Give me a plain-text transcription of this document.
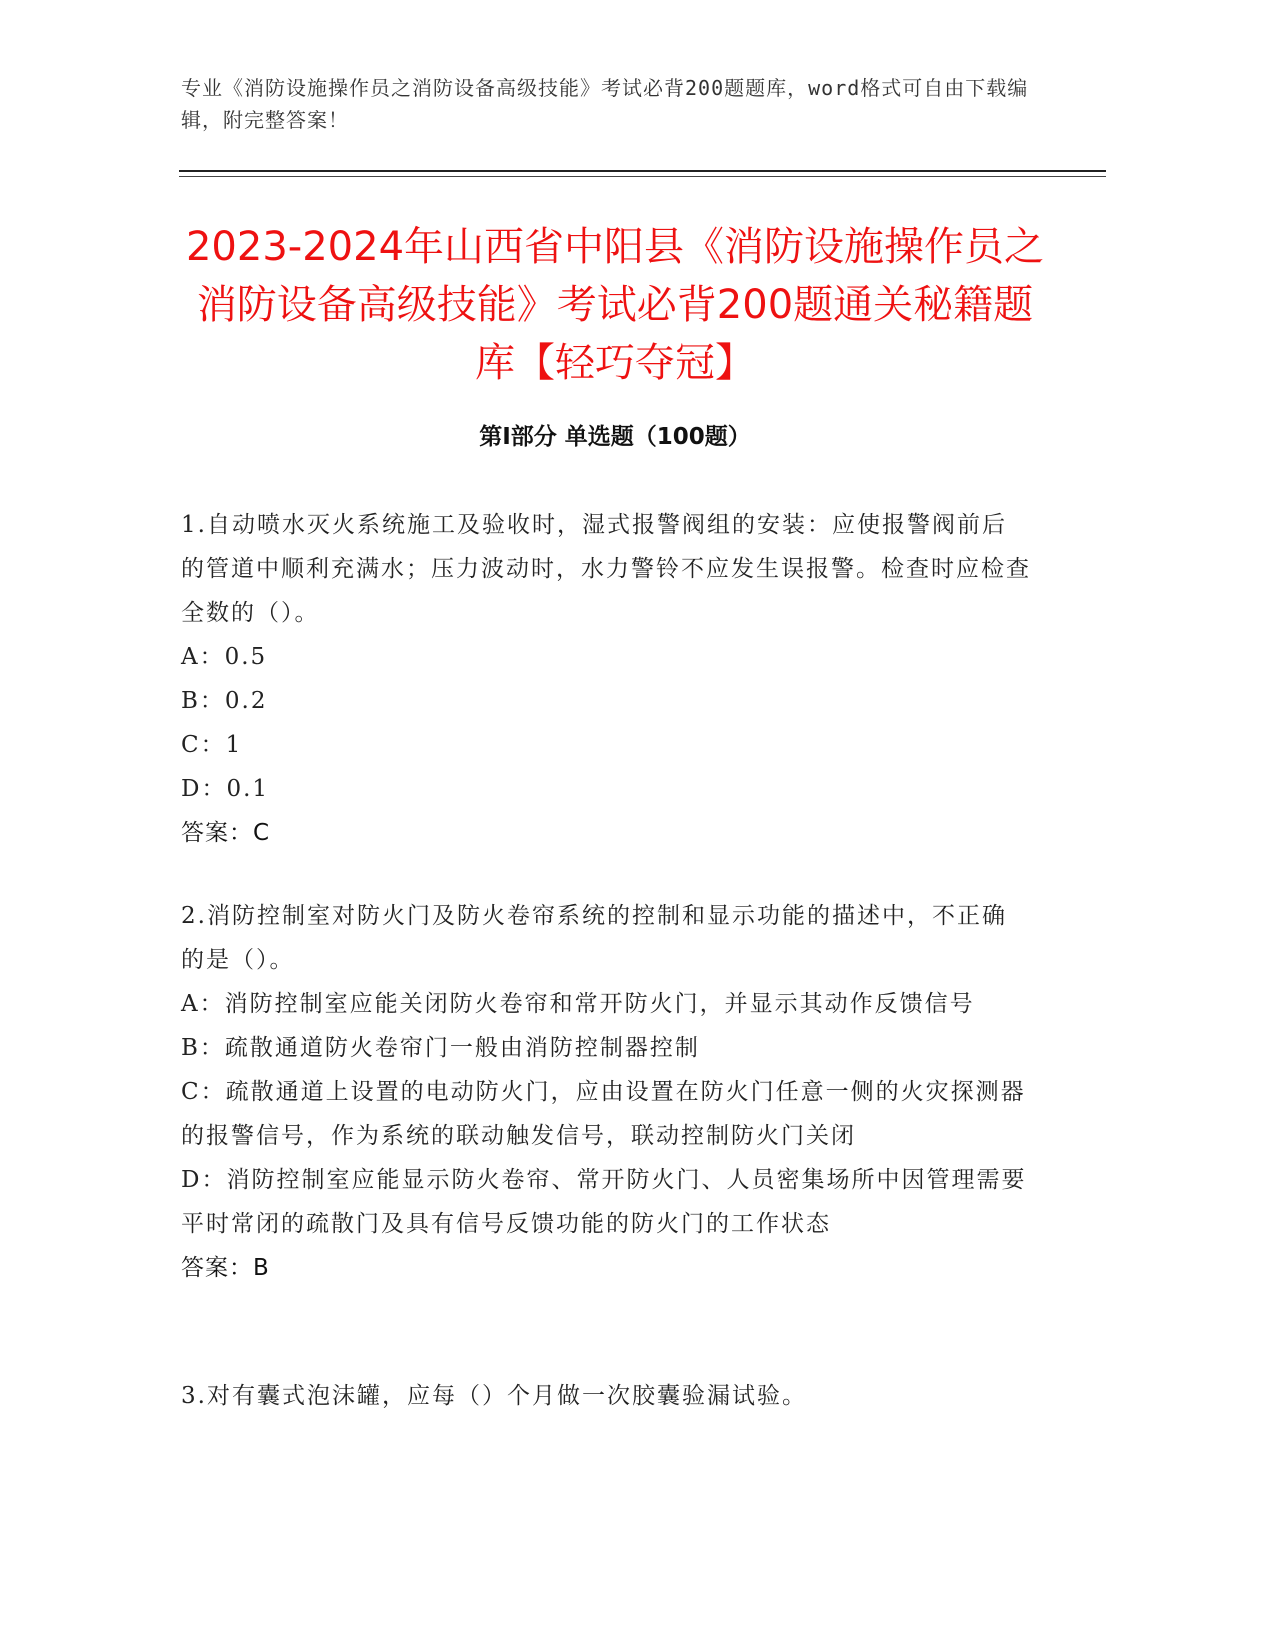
专业《消防设施操作员之消防设备高级技能》考试必背200题题库，word格式可自由下载编辑，附完整答案！
2023-2024年山西省中阳县《消防设施操作员之消防设备高级技能》考试必背200题通关秘籍题库【轻巧夺冠】
第Ⅰ部分 单选题（100题）

1.自动喷水灭火系统施工及验收时，湿式报警阀组的安装：应使报警阀前后的管道中顺利充满水；压力波动时，水力警铃不应发生误报警。检查时应检查全数的（）。

A：0.5

B：0.2

C：1

D：0.1

答案：C

2.消防控制室对防火门及防火卷帘系统的控制和显示功能的描述中，不正确的是（）。

A：消防控制室应能关闭防火卷帘和常开防火门，并显示其动作反馈信号

B：疏散通道防火卷帘门一般由消防控制器控制

C：疏散通道上设置的电动防火门，应由设置在防火门任意一侧的火灾探测器的报警信号，作为系统的联动触发信号，联动控制防火门关闭

D：消防控制室应能显示防火卷帘、常开防火门、人员密集场所中因管理需要平时常闭的疏散门及具有信号反馈功能的防火门的工作状态

答案：B

3.对有囊式泡沫罐，应每（）个月做一次胶囊验漏试验。
